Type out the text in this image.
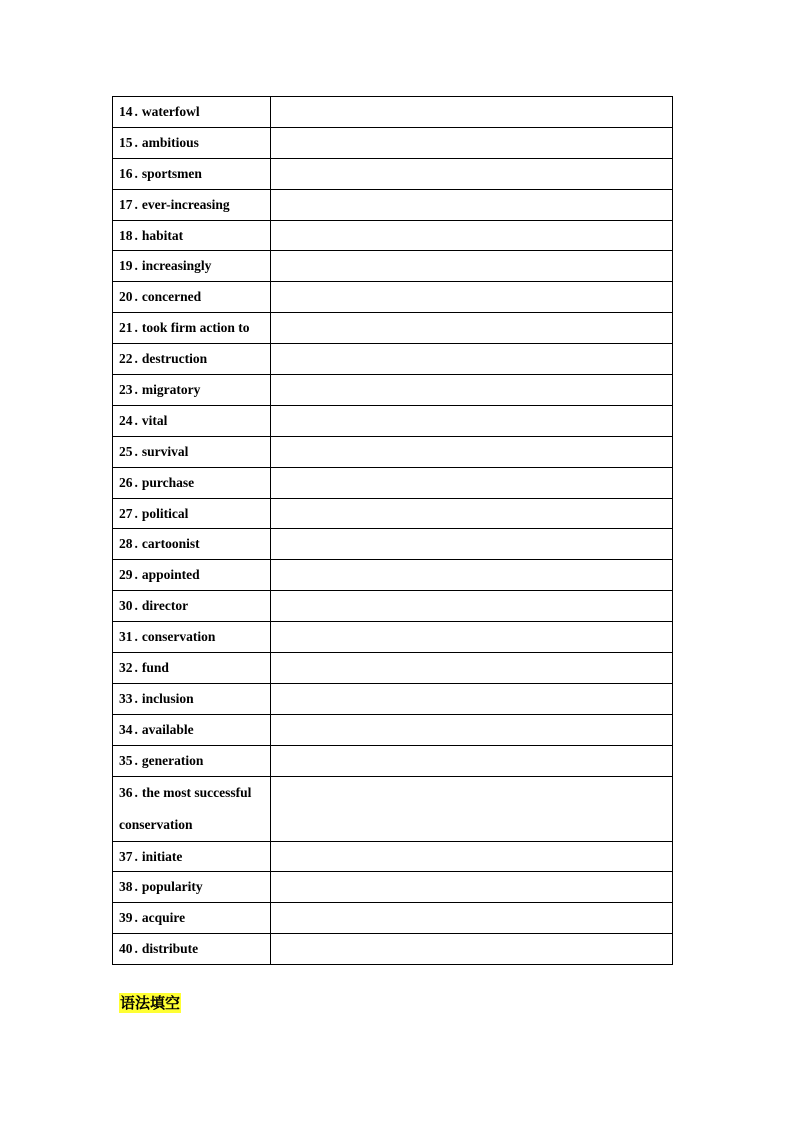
14 . waterfowl	
15 . ambitious	
16 . sportsmen	
17 . ever-increasing	
18 . habitat	
19 . increasingly	
20 . concerned	
21 . took firm action to	
22 . destruction	
23 . migratory	
24 . vital	
25 . survival	
26 . purchase	
27 . political	
28 . cartoonist	
29 . appointed	
30 . director	
31 . conservation	
32 . fund	
33 . inclusion	
34 . available	
35 . generation	
36 . the most successful conservation	
37 . initiate	
38 . popularity	
39 . acquire	
40 . distribute	
语法填空
